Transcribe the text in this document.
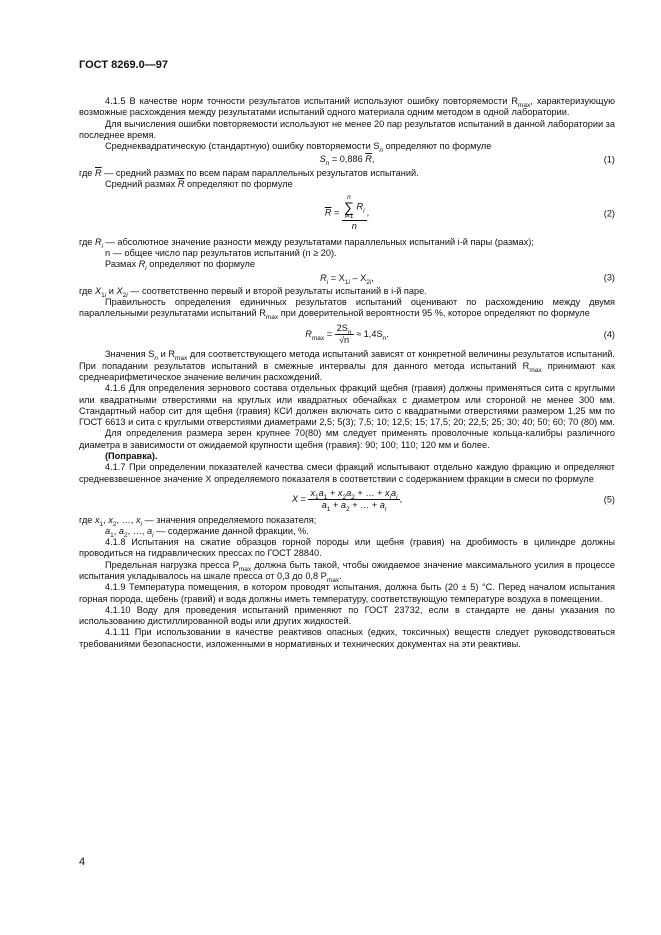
ГОСТ 8269.0—97

4.1.5 В качестве норм точности результатов испытаний используют ошибку повторяемости $R_{max}$, характеризующую возможные расхождения между результатами испытаний одного материала одним методом в одной лаборатории.

Для вычисления ошибки повторяемости используют не менее 20 пар результатов испытаний в данной лаборатории за последнее время.

Среднеквадратическую (стандартную) ошибку повторяемости $S_n$ определяют по формуле

$S_n = 0,886$ $\overline{R}$,	(1)

где $\overline{R}$ — средний размах по всем парам параллельных результатов испытаний.

Средний размах $\overline{R}$ определяют по формуле

$\overline{R} = n$
∑
i=1
$R_i$
n ,	(2)

где $R_i$ — абсолютное значение разности между результатами параллельных испытаний i-й пары (размах);

n — общее число пар результатов испытаний (n ≥ 20).

Размах $R_i$ определяют по формуле

$R_i = X_{1i} - X_{2i}$,	(3)

где $X_{1i}$ и $X_{2i}$ — соответственно первый и второй результаты испытаний в i-й паре.

Правильность определения единичных результатов испытаний оценивают по расхождению между двумя параллельными результатами испытаний $R_{max}$ при доверительной вероятности 95 %, которое определяют по формуле

$R_{max} = \frac{2S_n}{√n} \approx 1,4S_n$.	(4)

Значения $S_n$ и $R_{max}$ для соответствующего метода испытаний зависят от конкретной величины результатов испытаний. При попадании результатов испытаний в смежные интервалы для данного метода испытаний $R_{max}$ принимают как среднеарифметическое значение величин расхождений.

4.1.6 Для определения зернового состава отдельных фракций щебня (гравия) должны применяться сита с круглыми или квадратными отверстиями на круглых или квадратных обечайках с диаметром или стороной не менее 300 мм. Стандартный набор сит для щебня (гравия) КСИ должен включать сито с квадратными отверстиями размером 1,25 мм по ГОСТ 6613 и сита с круглыми отверстиями диаметрами 2,5; 5(3); 7,5; 10; 12,5; 15; 17,5; 20; 22,5; 25; 30; 40; 50; 60; 70 (80) мм.

Для определения размера зерен крупнее 70(80) мм следует применять проволочные кольца-калибры различного диаметра в зависимости от ожидаемой крупности щебня (гравия): 90; 100; 110; 120 мм и более.

(Поправка).

4.1.7 При определении показателей качества смеси фракций испытывают отдельно каждую фракцию и определяют средневзвешенное значение X определяемого показателя в соответствии с содержанием фракции в смеси по формуле

$X = \frac{x_1a_1 + x_2a_2 + \dots + x_ia_i}{a_1 + a_2 + \dots + a_i}$ ,	(5)

где $x_1$, $x_2$, …, $x_i$ — значения определяемого показателя;

$a_1$, $a_2$, …, $a_i$ — содержание данной фракции, %.

4.1.8 Испытания на сжатие образцов горной породы или щебня (гравия) на дробимость в цилиндре должны проводиться на гидравлических прессах по ГОСТ 28840.

Предельная нагрузка пресса $P_{max}$ должна быть такой, чтобы ожидаемое значение максимального усилия в процессе испытания укладывалось на шкале пресса от 0,3 до 0,8 $P_{max}$.

4.1.9 Температура помещения, в котором проводят испытания, должна быть (20 ± 5) °С. Перед началом испытания горная порода, щебень (гравий) и вода должны иметь температуру, соответствующую температуре воздуха в помещении.

4.1.10 Воду для проведения испытаний применяют по ГОСТ 23732, если в стандарте не даны указания по использованию дистиллированной воды или других жидкостей.

4.1.11 При использовании в качестве реактивов опасных (едких, токсичных) веществ следует руководствоваться требованиями безопасности, изложенными в нормативных и технических документах на эти реактивы.

4
